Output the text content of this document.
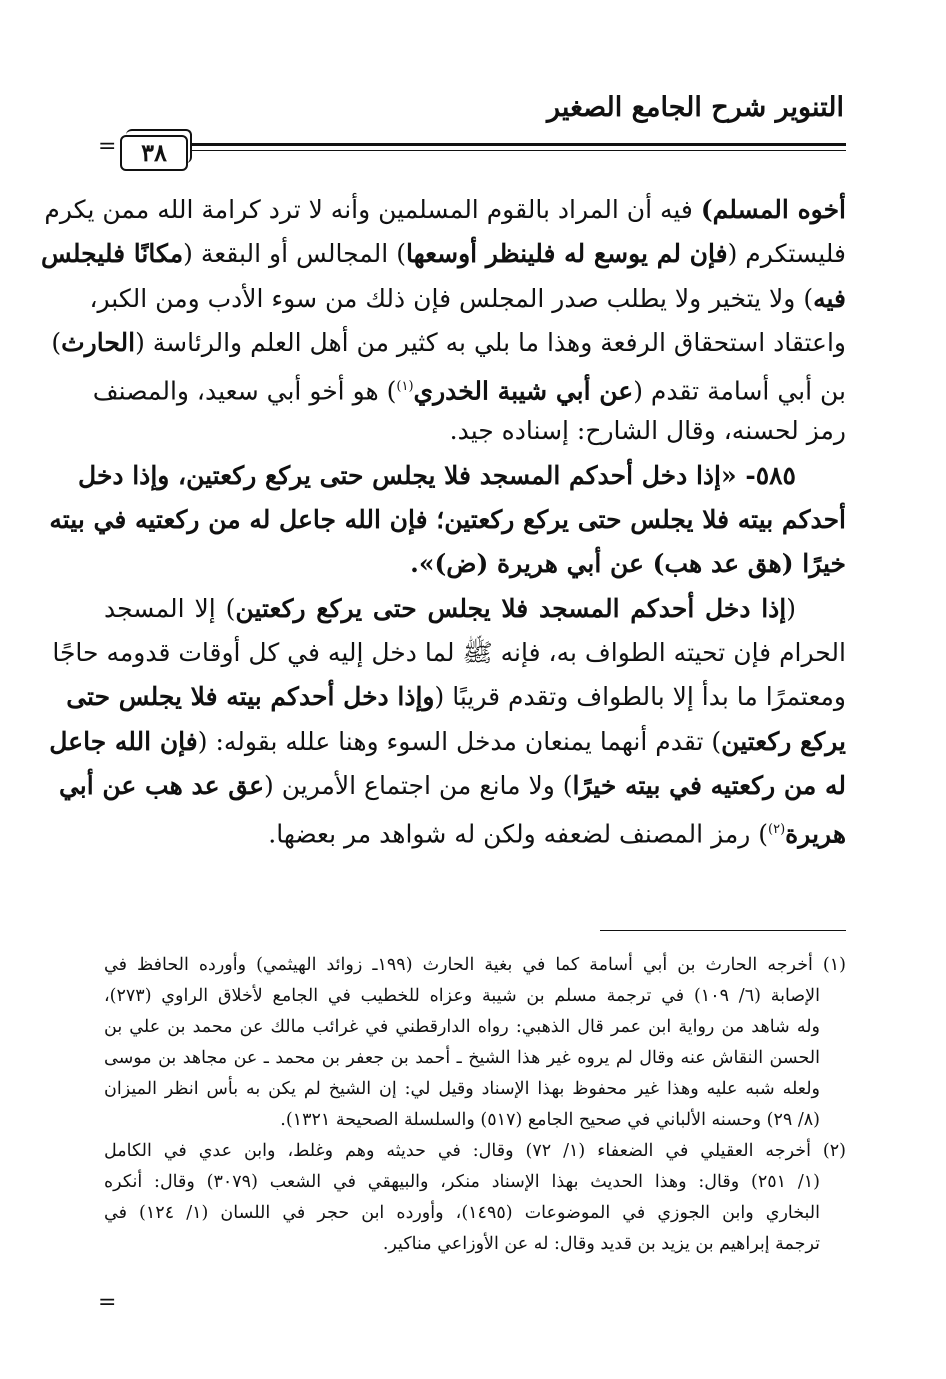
التنوير شرح الجامع الصغير
٣٨
=
أخوه المسلم) فيه أن المراد بالقوم المسلمين وأنه لا ترد كرامة الله ممن يكرم
فليستكرم (فإن لم يوسع له فلينظر أوسعها) المجالس أو البقعة (مكانًا فليجلس
فيه) ولا يتخير ولا يطلب صدر المجلس فإن ذلك من سوء الأدب ومن الكبر،
واعتقاد استحقاق الرفعة وهذا ما بلي به كثير من أهل العلم والرئاسة (الحارث)
بن أبي أسامة تقدم (عن أبي شيبة الخدري$^{(١)}$) هو أخو أبي سعيد، والمصنف
رمز لحسنه، وقال الشارح: إسناده جيد.
٥٨٥- «إذا دخل أحدكم المسجد فلا يجلس حتى يركع ركعتين، وإذا دخل
أحدكم بيته فلا يجلس حتى يركع ركعتين؛ فإن الله جاعل له من ركعتيه في بيته
خيرًا (هق عد هب) عن أبي هريرة (ض)».
(إذا دخل أحدكم المسجد فلا يجلس حتى يركع ركعتين) إلا المسجد
الحرام فإن تحيته الطواف به، فإنه ﷺ لما دخل إليه في كل أوقات قدومه حاجًا
ومعتمرًا ما بدأ إلا بالطواف وتقدم قريبًا (وإذا دخل أحدكم بيته فلا يجلس حتى
يركع ركعتين) تقدم أنهما يمنعان مدخل السوء وهنا علله بقوله: (فإن الله جاعل
له من ركعتيه في بيته خيرًا) ولا مانع من اجتماع الأمرين (عق عد هب عن أبي
هريرة$^{(٢)}$) رمز المصنف لضعفه ولكن له شواهد مر بعضها.
(١) أخرجه الحارث بن أبي أسامة كما في بغية الحارث (١٩٩ـ زوائد الهيثمي) وأورده الحافظ في
الإصابة (٦/ ١٠٩) في ترجمة مسلم بن شيبة وعزاه للخطيب في الجامع لأخلاق الراوي (٢٧٣)،
وله شاهد من رواية ابن عمر قال الذهبي: رواه الدارقطني في غرائب مالك عن محمد بن علي بن
الحسن النقاش عنه وقال لم يروه غير هذا الشيخ ـ أحمد بن جعفر بن محمد ـ عن مجاهد بن موسى
ولعله شبه عليه وهذا غير محفوظ بهذا الإسناد وقيل لي: إن الشيخ لم يكن به بأس انظر الميزان
(٨/ ٢٩) وحسنه الألباني في صحيح الجامع (٥١٧) والسلسلة الصحيحة ١٣٢١).
(٢) أخرجه العقيلي في الضعفاء (١/ ٧٢) وقال: في حديثه وهم وغلط، وابن عدي في الكامل
(١/ ٢٥١) وقال: وهذا الحديث بهذا الإسناد منكر، والبيهقي في الشعب (٣٠٧٩) وقال: أنكره
البخاري وابن الجوزي في الموضوعات (١٤٩٥)، وأورده ابن حجر في اللسان (١/ ١٢٤) في
ترجمة إبراهيم بن يزيد بن قديد وقال: له عن الأوزاعي مناكير.
=
